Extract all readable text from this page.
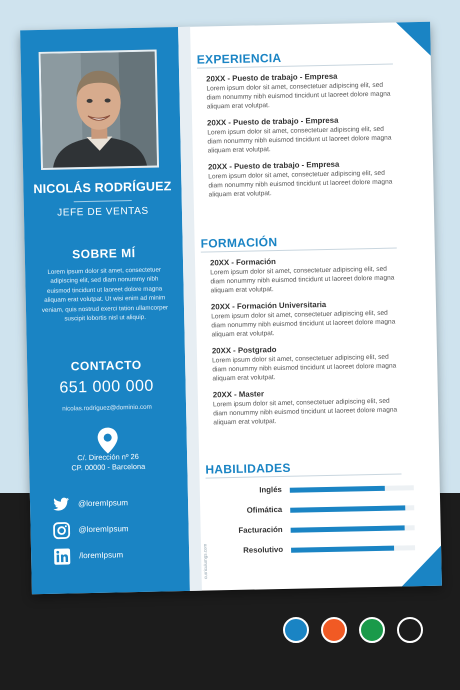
NICOLÁS RODRÍGUEZ
JEFE DE VENTAS
SOBRE MÍ
Lorem ipsum dolor sit amet, consectetuer adipiscing elit, sed diam nonummy nibh euismod tincidunt ut laoreet dolore magna aliquam erat volutpat. Ut wisi enim ad minim veniam, quis nostrud exerci tation ullamcorper suscipit lobortis nisl ut aliquip.
CONTACTO
651 000 000
nicolas.rodriguez@dominio.com
C/. Dirección nº 26
CP. 00000 - Barcelona
@loremIpsum
@loremIpsum
/loremIpsum
EXPERIENCIA
20XX - Puesto de trabajo - Empresa
Lorem ipsum dolor sit amet, consectetuer adipiscing elit, sed diam nonummy nibh euismod tincidunt ut laoreet dolore magna aliquam erat volutpat.
20XX - Puesto de trabajo - Empresa
Lorem ipsum dolor sit amet, consectetuer adipiscing elit, sed diam nonummy nibh euismod tincidunt ut laoreet dolore magna aliquam erat volutpat.
20XX - Puesto de trabajo - Empresa
Lorem ipsum dolor sit amet, consectetuer adipiscing elit, sed diam nonummy nibh euismod tincidunt ut laoreet dolore magna aliquam erat volutpat.
FORMACIÓN
20XX - Formación
Lorem ipsum dolor sit amet, consectetuer adipiscing elit, sed diam nonummy nibh euismod tincidunt ut laoreet dolore magna aliquam erat volutpat.
20XX - Formación Universitaria
Lorem ipsum dolor sit amet, consectetuer adipiscing elit, sed diam nonummy nibh euismod tincidunt ut laoreet dolore magna aliquam erat volutpat.
20XX - Postgrado
Lorem ipsum dolor sit amet, consectetuer adipiscing elit, sed diam nonummy nibh euismod tincidunt ut laoreet dolore magna aliquam erat volutpat.
20XX - Master
Lorem ipsum dolor sit amet, consectetuer adipiscing elit, sed diam nonummy nibh euismod tincidunt ut laoreet dolore magna aliquam erat volutpat.
HABILIDADES
Inglés
Ofimática
Facturación
Resolutivo
curriculumgs.com
